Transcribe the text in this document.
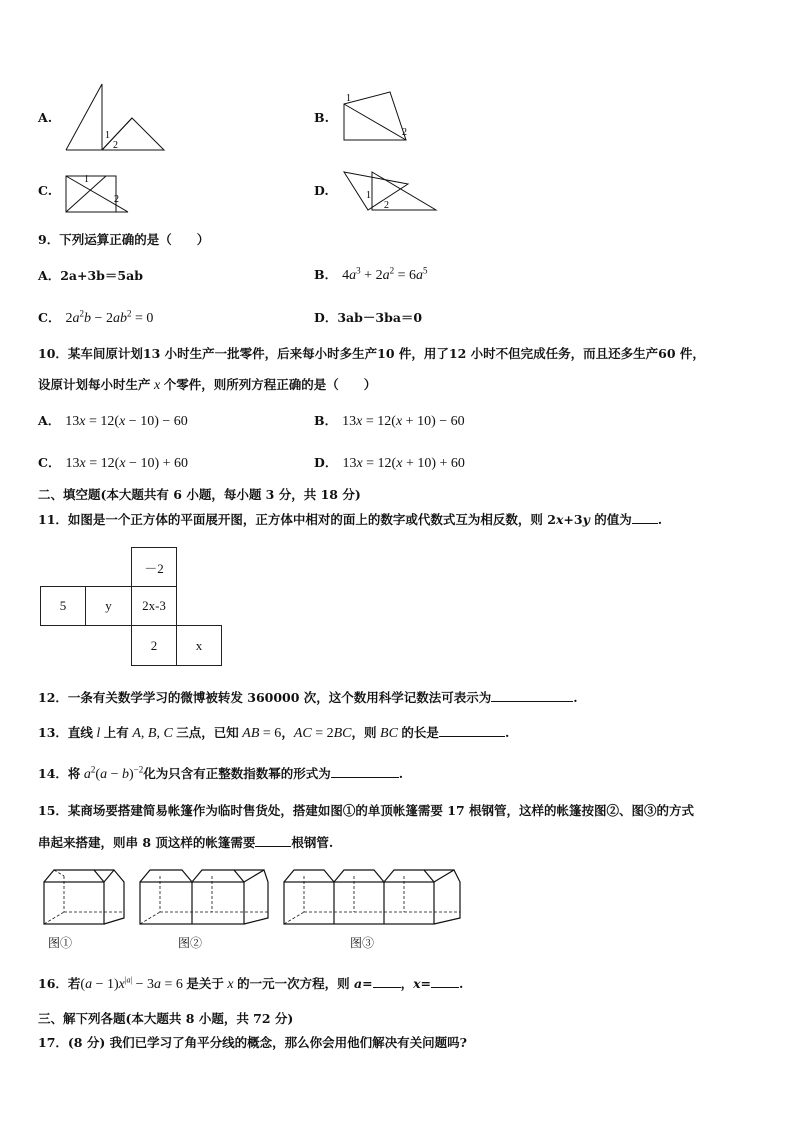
A.
1
2
B.
1
2
C.
1
2
D.	1
2
9．下列运算正确的是（　　）
A．2a+3b＝5ab	B． $4a^3 + 2a^2 = 6a^5$
C． $2a^2b - 2ab^2 = 0$	D．3ab－3ba＝0
10．某车间原计划13 小时生产一批零件，后来每小时多生产10 件，用了12 小时不但完成任务，而且还多生产60 件，
设原计划每小时生产 x 个零件，则所列方程正确的是（　　）
A． 13x = 12(x − 10) − 60	B． 13x = 12(x + 10) − 60
C． 13x = 12(x − 10) + 60	D． 13x = 12(x + 10) + 60
二、填空题(本大题共有 6 小题，每小题 3 分，共 18 分)
11．如图是一个正方体的平面展开图，正方体中相对的面上的数字或代数式互为相反数，则 2x+3y 的值为 .
－2
5	y	2x-3
2	x
12．一条有关数学学习的微博被转发 360000 次，这个数用科学记数法可表示为	.
13．直线 l 上有 A, B, C 三点，已知 AB = 6，AC = 2BC，则 BC 的长是	.
14．将 $a^2(a - b)^{-2}$化为只含有正整数指数幂的形式为	.
15．某商场要搭建简易帐篷作为临时售货处，搭建如图①的单顶帐篷需要 17 根钢管，这样的帐篷按图②、图③的方式
串起来搭建，则串 8 顶这样的帐篷需要	根钢管.
图①	图②	图③
16．若$(a - 1)x^{|a|} - 3a = 6$ 是关于 x 的一元一次方程，则 a= ，x= .
三、解下列各题(本大题共 8 小题，共 72 分)
17．(8 分) 我们已学习了角平分线的概念，那么你会用他们解决有关问题吗?
